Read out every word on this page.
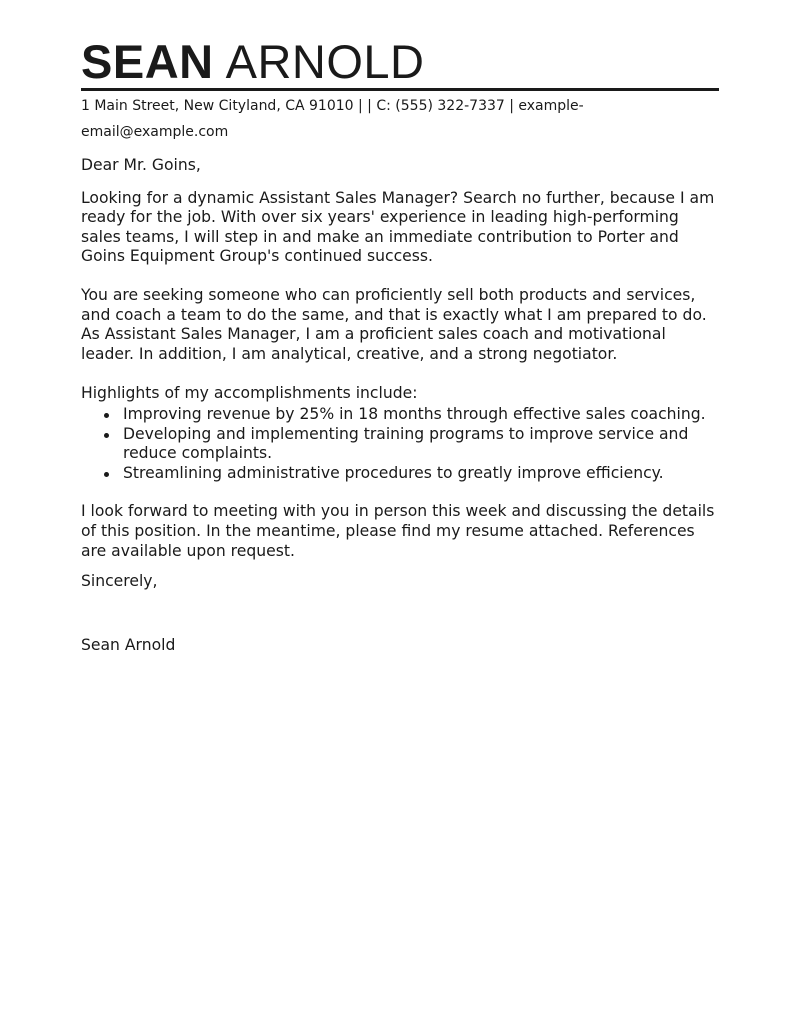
SEAN ARNOLD
1 Main Street, New Cityland, CA 91010 | | C: (555) 322-7337 | example-email@example.com

Dear Mr. Goins,

Looking for a dynamic Assistant Sales Manager? Search no further, because I am ready for the job. With over six years' experience in leading high-performing sales teams, I will step in and make an immediate contribution to Porter and Goins Equipment Group's continued success.

You are seeking someone who can proficiently sell both products and services, and coach a team to do the same, and that is exactly what I am prepared to do. As Assistant Sales Manager, I am a proficient sales coach and motivational leader. In addition, I am analytical, creative, and a strong negotiator.

Highlights of my accomplishments include:

Improving revenue by 25% in 18 months through effective sales coaching.
Developing and implementing training programs to improve service and reduce complaints.
Streamlining administrative procedures to greatly improve efficiency.

I look forward to meeting with you in person this week and discussing the details of this position. In the meantime, please find my resume attached. References are available upon request.

Sincerely,

Sean Arnold
